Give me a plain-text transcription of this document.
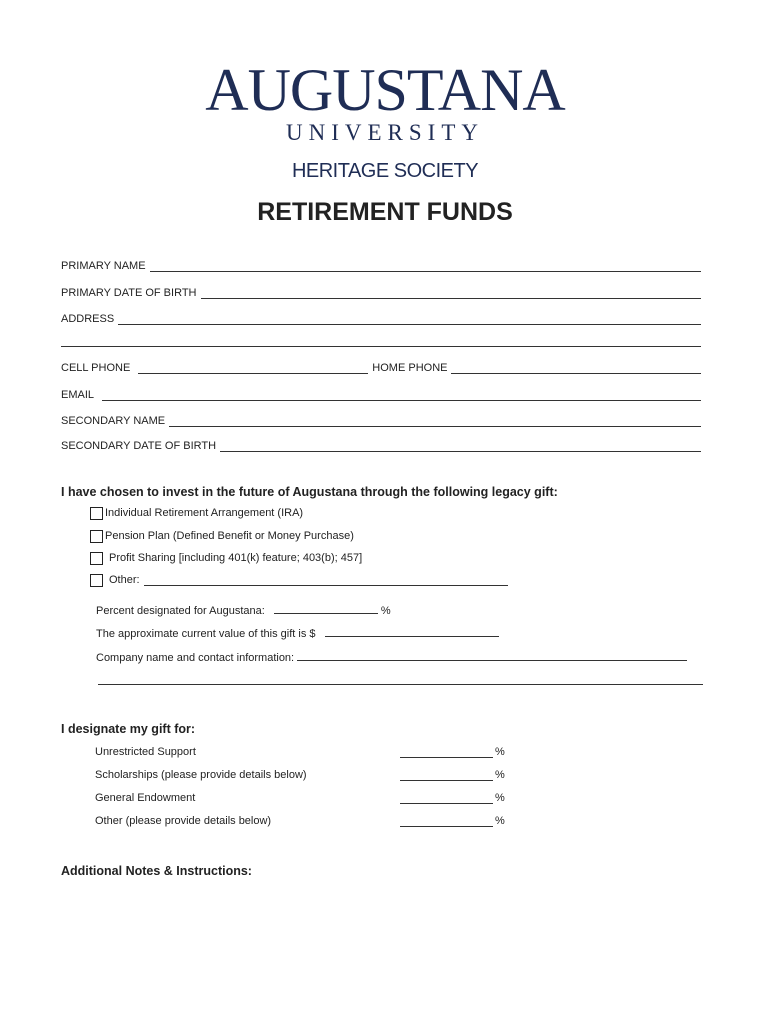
AUGUSTANA
UNIVERSITY
HERITAGE SOCIETY
RETIREMENT FUNDS
PRIMARY NAME
PRIMARY DATE OF BIRTH
ADDRESS
CELL PHONE	HOME PHONE
EMAIL
SECONDARY NAME
SECONDARY DATE OF BIRTH
I have chosen to invest in the future of Augustana through the following legacy gift:
Individual Retirement Arrangement (IRA)
Pension Plan (Defined Benefit or Money Purchase)
Profit Sharing [including 401(k) feature; 403(b); 457]
Other:
Percent designated for Augustana:	%
The approximate current value of this gift is $
Company name and contact information:
I designate my gift for:
Unrestricted Support	%
Scholarships (please provide details below)	%
General Endowment	%
Other (please provide details below)	%
Additional Notes & Instructions:
